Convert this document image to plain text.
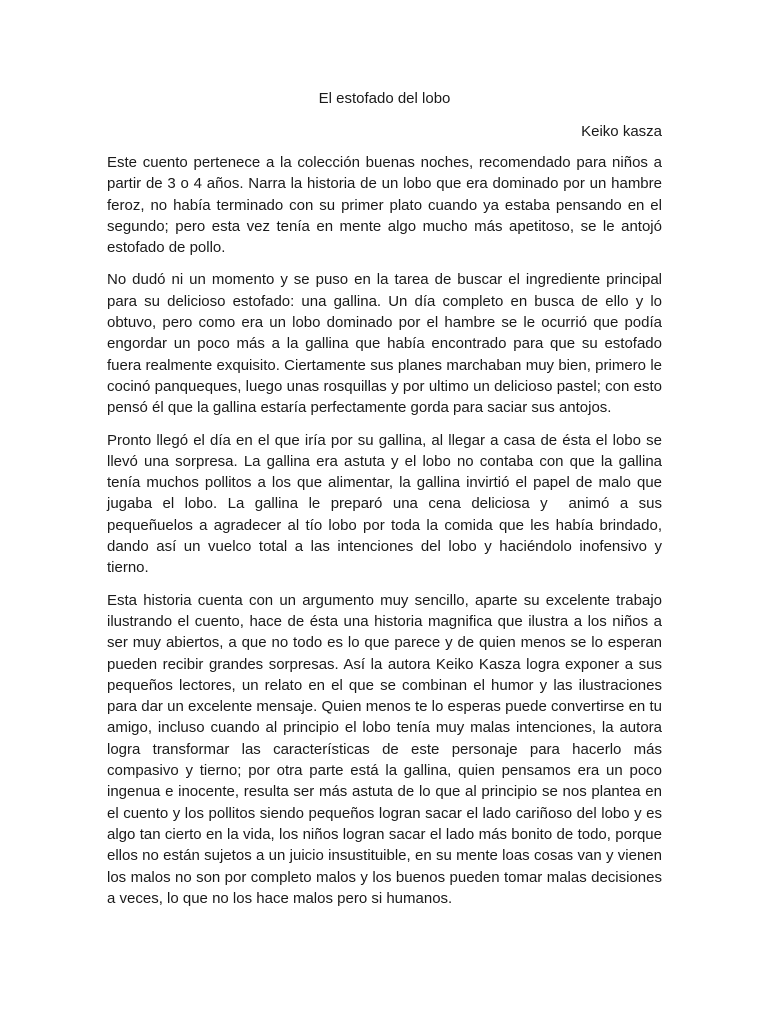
El estofado del lobo
Keiko kasza

Este cuento pertenece a la colección buenas noches, recomendado para niños a partir de 3 o 4 años. Narra la historia de un lobo que era dominado por un hambre feroz, no había terminado con su primer plato cuando ya estaba pensando en el segundo; pero esta vez tenía en mente algo mucho más apetitoso, se le antojó estofado de pollo.

No dudó ni un momento y se puso en la tarea de buscar el ingrediente principal para su delicioso estofado: una gallina. Un día completo en busca de ello y lo obtuvo, pero como era un lobo dominado por el hambre se le ocurrió que podía engordar un poco más a la gallina que había encontrado para que su estofado fuera realmente exquisito. Ciertamente sus planes marchaban muy bien, primero le cocinó panqueques, luego unas rosquillas y por ultimo un delicioso pastel; con esto pensó él que la gallina estaría perfectamente gorda para saciar sus antojos.

Pronto llegó el día en el que iría por su gallina, al llegar a casa de ésta el lobo se llevó una sorpresa. La gallina era astuta y el lobo no contaba con que la gallina tenía muchos pollitos a los que alimentar, la gallina invirtió el papel de malo que jugaba el lobo. La gallina le preparó una cena deliciosa y  animó a sus pequeñuelos a agradecer al tío lobo por toda la comida que les había brindado, dando así un vuelco total a las intenciones del lobo y haciéndolo inofensivo y tierno.

Esta historia cuenta con un argumento muy sencillo, aparte su excelente trabajo ilustrando el cuento, hace de ésta una historia magnifica que ilustra a los niños a ser muy abiertos, a que no todo es lo que parece y de quien menos se lo esperan pueden recibir grandes sorpresas. Así la autora Keiko Kasza logra exponer a sus pequeños lectores, un relato en el que se combinan el humor y las ilustraciones para dar un excelente mensaje. Quien menos te lo esperas puede convertirse en tu amigo, incluso cuando al principio el lobo tenía muy malas intenciones, la autora logra transformar las características de este personaje para hacerlo más compasivo y tierno; por otra parte está la gallina, quien pensamos era un poco ingenua e inocente, resulta ser más astuta de lo que al principio se nos plantea en el cuento y los pollitos siendo pequeños logran sacar el lado cariñoso del lobo y es algo tan cierto en la vida, los niños logran sacar el lado más bonito de todo, porque ellos no están sujetos a un juicio insustituible, en su mente loas cosas van y vienen los malos no son por completo malos y los buenos pueden tomar malas decisiones a veces, lo que no los hace malos pero si humanos.
